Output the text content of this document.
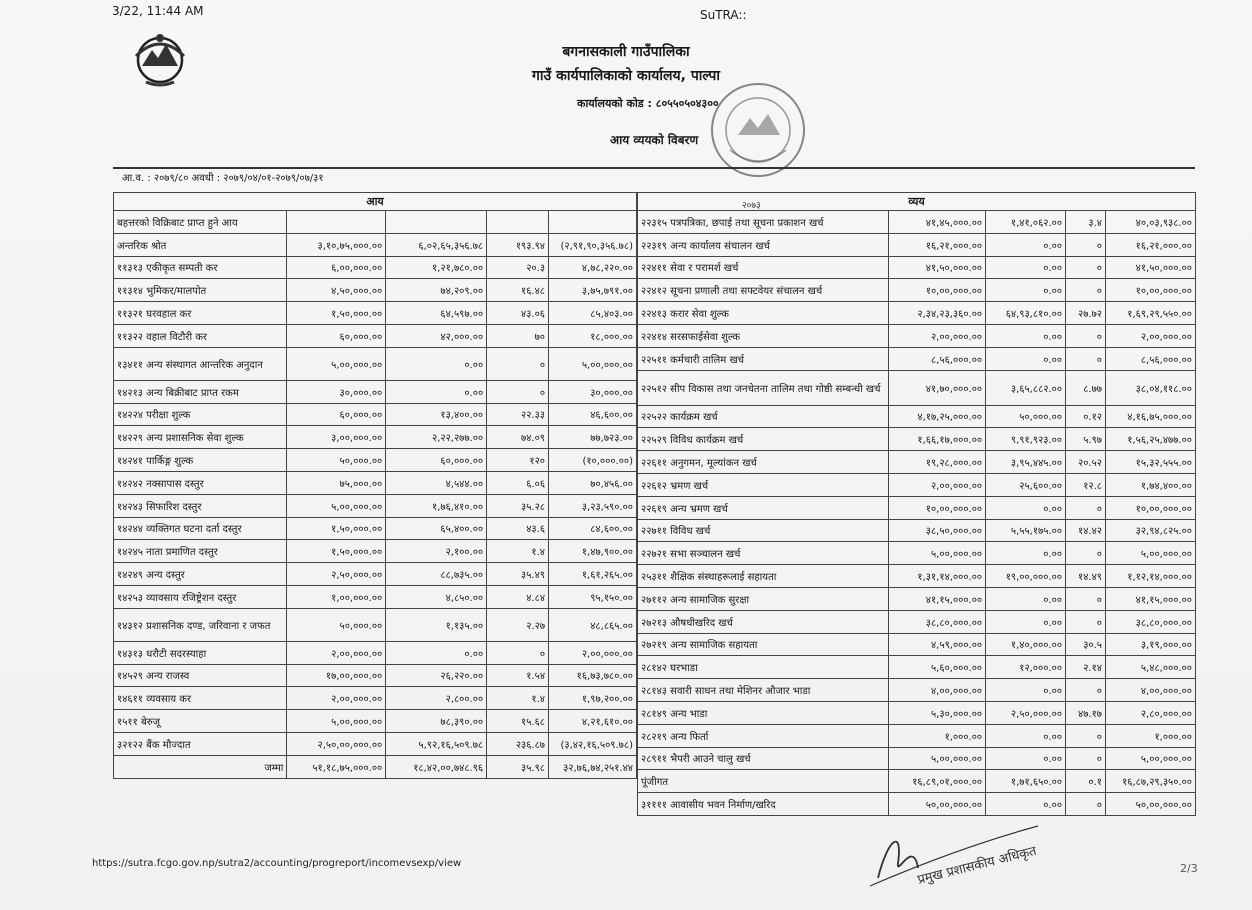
3/22, 11:44 AM	SuTRA::
बगनासकाली गाउँपालिका
गाउँ कार्यपालिकाको कार्यालय, पाल्पा
कार्यालयको कोड : ८०५५०५०४३००
आय व्ययको विबरण
२०७३
आ.व. : २०७९/८० अवधी : २०७९/०४/०१-२०७९/०७/३१
आय				
बहत्तरको विक्रिबाट प्राप्त हुने आय				
अन्तरिक श्रोत	३,१०,७५,०००.००	६,०२,६५,३५६.७८	१९३.९४	(२,९१,९०,३५६.७८)
११३१३ एकीकृत सम्पती कर	६,००,०००.००	१,२१,७८०.००	२०.३	४,७८,२२०.००
११३१४ भुमिकर/मालपोत	४,५०,०००.००	७४,२०९.००	१६.४८	३,७५,७९१.००
११३२१ घरवहाल कर	१,५०,०००.००	६४,५९७.००	४३.०६	८५,४०३.००
११३२२ वहाल विटौरी कर	६०,०००.००	४२,०००.००	७०	१८,०००.००
१३४११ अन्य संस्थागत आन्तरिक अनुदान	५,००,०००.००	०.००	०	५,००,०००.००
१४२१३ अन्य बिक्रीबाट प्राप्त रकम	३०,०००.००	०.००	०	३०,०००.००
१४२२४ परीक्षा शुल्क	६०,०००.००	१३,४००.००	२२.३३	४६,६००.००
१४२२९ अन्य प्रशासनिक सेवा शुल्क	३,००,०००.००	२,२२,२७७.००	७४.०९	७७,७२३.००
१४२४१ पार्किङ्ग शुल्क	५०,०००.००	६०,०००.००	१२०	(१०,०००.००)
१४२४२ नक्सापास दस्तुर	७५,०००.००	४,५४४.००	६.०६	७०,४५६.००
१४२४३ सिफारिश दस्तुर	५,००,०००.००	१,७६,४१०.००	३५.२८	३,२३,५९०.००
१४२४४ व्यक्तिगत घटना दर्ता दस्तुर	१,५०,०००.००	६५,४००.००	४३.६	८४,६००.००
१४२४५ नाता प्रमाणित दस्तुर	१,५०,०००.००	२,१००.००	१.४	१,४७,९००.००
१४२४९ अन्य दस्तुर	२,५०,०००.००	८८,७३५.००	३५.४९	१,६१,२६५.००
१४२५३ व्यावसाय रजिष्ट्रेशन दस्तुर	१,००,०००.००	४,८५०.००	४.८४	९५,१५०.००
१४३१२ प्रशासनिक दण्ड, जरिवाना र जफत	५०,०००.००	१,१३५.००	२.२७	४८,८६५.००
१४३१३ धरौटी सदरस्याहा	२,००,०००.००	०.००	०	२,००,०००.००
१४५२९ अन्य राजस्व	१७,००,०००.००	२६,२२०.००	१.५४	१६,७३,७८०.००
१४६११ व्यवसाय कर	२,००,०००.००	२,८००.००	१.४	१,९७,२००.००
१५११ बेरुजू	५,००,०००.००	७८,३९०.००	१५.६८	४,२१,६१०.००
३२१२२ बैंक मौज्दात	२,५०,००,०००.००	५,९२,१६,५०९.७८	२३६.८७	(३,४२,१६,५०९.७८)
जम्मा	५१,१८,७५,०००.००	१८,४२,००,७४८.९६	३५.९८	३२,७६,७४,२५१.४४
व्यय				
२२३१५ पत्रपत्रिका, छपाई तथा सूचना प्रकाशन खर्च	४१,४५,०००.००	१,४१,०६२.००	३.४	४०,०३,९३८.००
२२३१९ अन्य कार्यालय संचालन खर्च	१६,२१,०००.००	०.००	०	१६,२१,०००.००
२२४११ सेवा र परामर्श खर्च	४१,५०,०००.००	०.००	०	४१,५०,०००.००
२२४१२ सूचना प्रणाली तथा सफ्टवेयर संचालन खर्च	१०,००,०००.००	०.००	०	१०,००,०००.००
२२४१३ करार सेवा शुल्क	२,३४,२३,३६०.००	६४,९३,८१०.००	२७.७२	१,६९,२९,५५०.००
२२४१४ सरसफाईसेवा शुल्क	२,००,०००.००	०.००	०	२,००,०००.००
२२५११ कर्मचारी तालिम खर्च	८,५६,०००.००	०.००	०	८,५६,०००.००
२२५१२ सीप विकास तथा जनचेतना तालिम तथा गोष्ठी सम्बन्धी खर्च	४१,७०,०००.००	३,६५,८८२.००	८.७७	३८,०४,११८.००
२२५२२ कार्यक्रम खर्च	४,१७,२५,०००.००	५०,०००.००	०.१२	४,१६,७५,०००.००
२२५२९ विविध कार्यक्रम खर्च	१,६६,१७,०००.००	९,९१,९२३.००	५.९७	१,५६,२५,४७७.००
२२६११ अनुगमन, मूल्यांकन खर्च	१९,२८,०००.००	३,९५,४४५.००	२०.५२	१५,३२,५५५.००
२२६१२ भ्रमण खर्च	२,००,०००.००	२५,६००.००	१२.८	१,७४,४००.००
२२६१९ अन्य भ्रमण खर्च	१०,००,०००.००	०.००	०	१०,००,०००.००
२२७११ विविध खर्च	३८,५०,०००.००	५,५५,१७५.००	१४.४२	३२,९४,८२५.००
२२७२१ सभा सञ्चालन खर्च	५,००,०००.००	०.००	०	५,००,०००.००
२५३११ शैक्षिक संस्थाहरूलाई सहायता	१,३१,१४,०००.००	१९,००,०००.००	१४.४९	१,१२,१४,०००.००
२७११२ अन्य सामाजिक सुरक्षा	४१,१५,०००.००	०.००	०	४१,१५,०००.००
२७२१३ औषधीखरिद खर्च	३८,८०,०००.००	०.००	०	३८,८०,०००.००
२७२१९ अन्य सामाजिक सहायता	४,५९,०००.००	१,४०,०००.००	३०.५	३,१९,०००.००
२८१४२ घरभाडा	५,६०,०००.००	१२,०००.००	२.१४	५,४८,०००.००
२८१४३ सवारी साधन तथा मेशिनर औजार भाडा	४,००,०००.००	०.००	०	४,००,०००.००
२८१४९ अन्य भाडा	५,३०,०००.००	२,५०,०००.००	४७.१७	२,८०,०००.००
२८२१९ अन्य फिर्ता	१,०००.००	०.००	०	१,०००.००
२८९११ भैपरी आउने चालु खर्च	५,००,०००.००	०.००	०	५,००,०००.००
पूंजीगत	१६,८९,०१,०००.००	१,७१,६५०.००	०.१	१६,८७,२९,३५०.००
३११११ आवासीय भवन निर्माण/खरिद	५०,००,०००.००	०.००	०	५०,००,०००.००
प्रमुख प्रशासकीय अधिकृत
https://sutra.fcgo.gov.np/sutra2/accounting/progreport/incomevsexp/view	2/3
